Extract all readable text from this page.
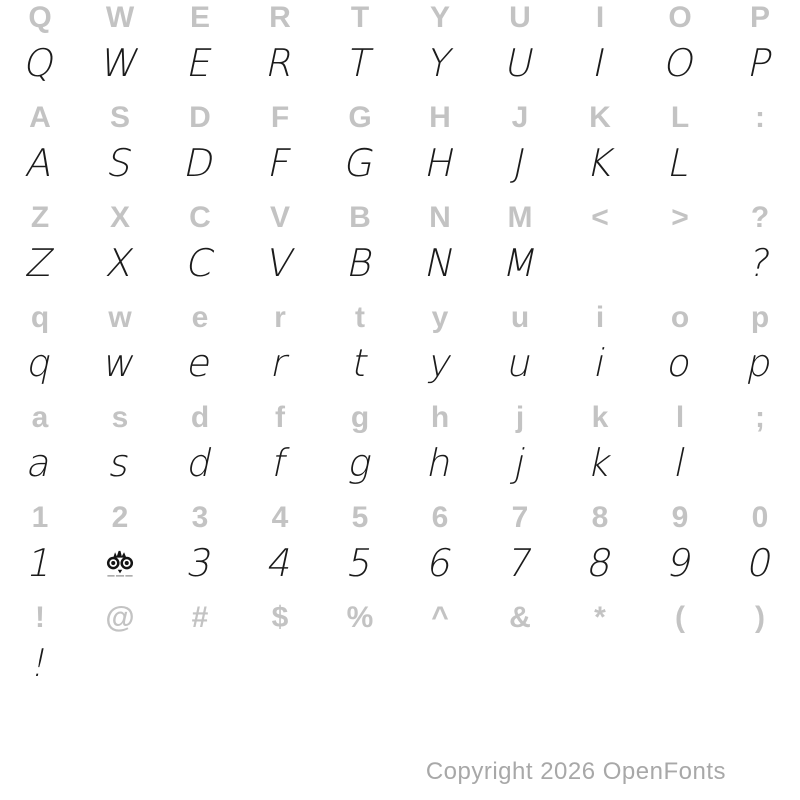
Q W E R T Y U I O P
Q W E R T Y U I O P
A S D F G H J K L :
A S D F G H J K L
Z X C V B N M < > ?
Z X C V B N M	?
q w e r t y u i o p
q w e r t y u i o p
a s d f g h j k l ;
a s d f g h j k l
1 2 3 4 5 6 7 8 9 0
1	3 4 5 6 7 8 9 0
! @ # $ % ^ & * ( )
!
Copyright 2026 OpenFonts
